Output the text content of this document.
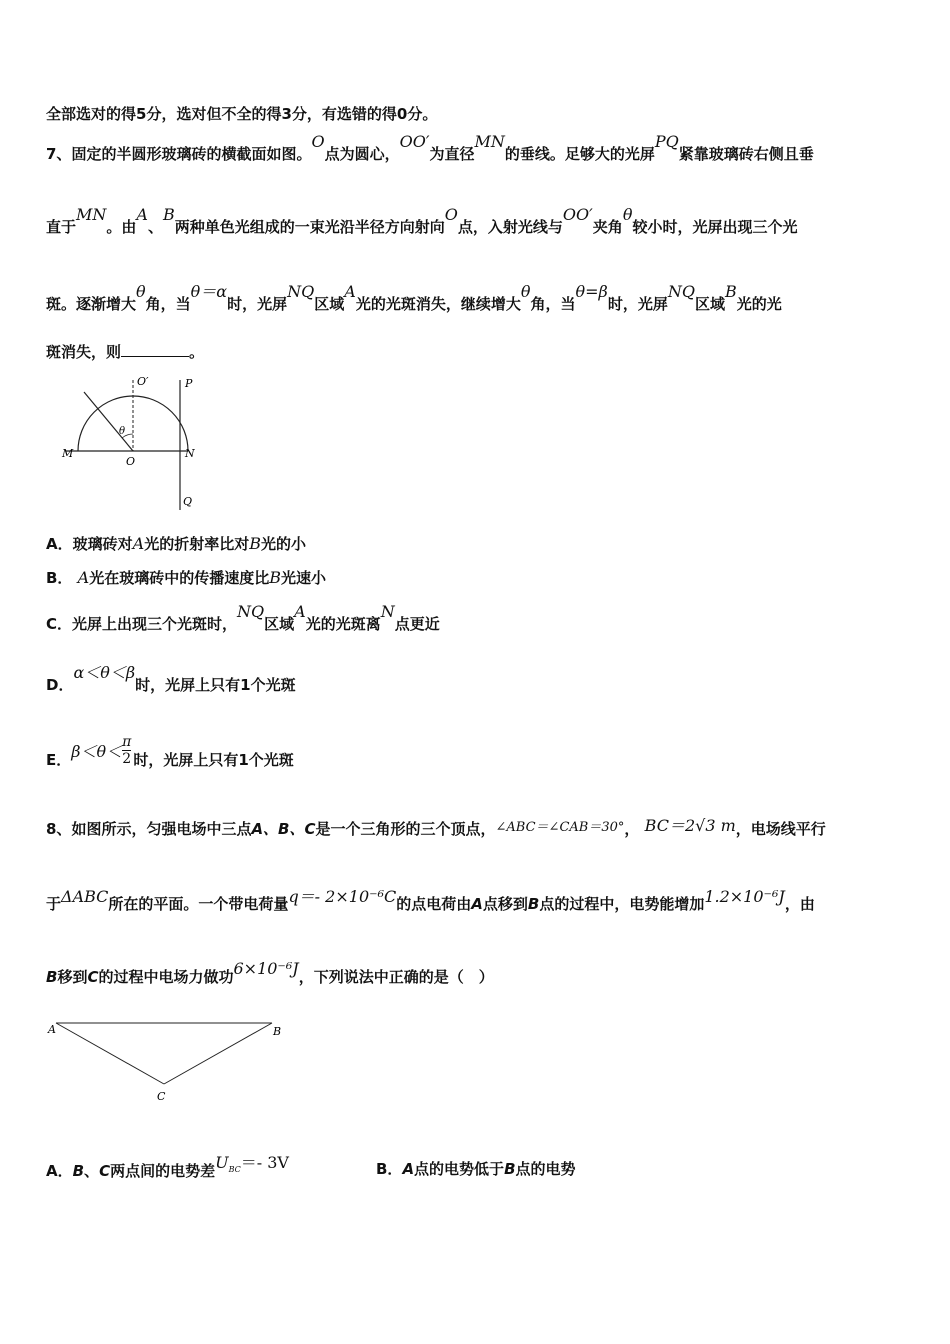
全部选对的得5分，选对但不全的得3分，有选错的得0分。
7、固定的半圆形玻璃砖的横截面如图。O点为圆心，OO′为直径MN的垂线。足够大的光屏PQ紧靠玻璃砖右侧且垂
直于MN。由A、B两种单色光组成的一束光沿半径方向射向O点，入射光线与OO′夹角θ较小时，光屏出现三个光
斑。逐渐增大θ角，当θ＝α时，光屏NQ区域A光的光斑消失，继续增大θ角，当θ=β时，光屏NQ区域B光的光
斑消失，则	。
M
O
O′	P
N
Q
θ
A．玻璃砖对A光的折射率比对B光的小
B． A光在玻璃砖中的传播速度比B光速小
C．光屏上出现三个光斑时，NQ区域A光的光斑离N点更近
D．α＜θ＜β时，光屏上只有1个光斑
E．$\beta<\theta< \frac{\pi}{2}$ 时，光屏上只有1个光斑
8、如图所示，匀强电场中三点A、B、C是一个三角形的三个顶点，∠ABC＝∠CAB＝30°， BC＝2√3 m，电场线平行
于ΔABC所在的平面。一个带电荷量q＝- 2×10⁻⁶C的点电荷由A点移到B点的过程中，电势能增加1.2×10⁻⁶J，由
B移到C的过程中电场力做功6×10⁻⁶J，下列说法中正确的是（　）
A	B
C
A．B、C两点间的电势差$U^{BC}=-$ 3V	B．A点的电势低于B点的电势
